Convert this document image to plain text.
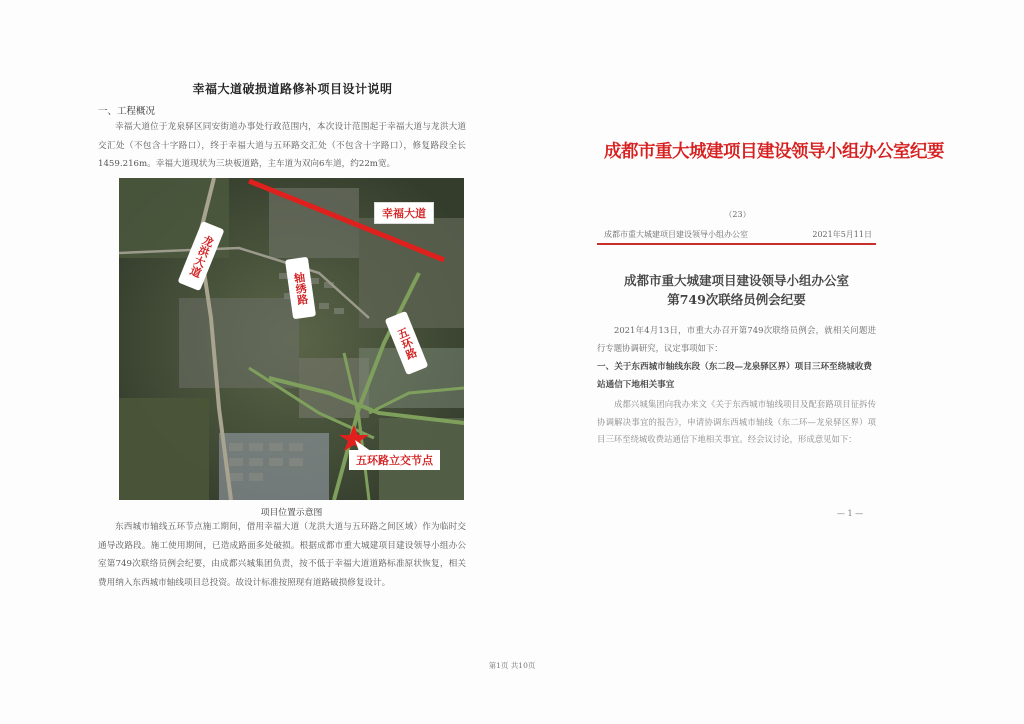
幸福大道破损道路修补项目设计说明
一、工程概况
幸福大道位于龙泉驿区同安街道办事处行政范围内，本次设计范围起于幸福大道与龙洪大道交汇处（不包含十字路口），终于幸福大道与五环路交汇处（不包含十字路口），修复路段全长1459.216m。幸福大道现状为三块板道路，主车道为双向6车道，约22m宽。
幸福大道
龙洪大道
轴绣路
五环路
五环路立交节点
项目位置示意图
东西城市轴线五环节点施工期间，借用幸福大道（龙洪大道与五环路之间区域）作为临时交通导改路段。施工使用期间，已造成路面多处破损。根据成都市重大城建项目建设领导小组办公室第749次联络员例会纪要，由成都兴城集团负责，按不低于幸福大道道路标准原状恢复，相关费用纳入东西城市轴线项目总投资。故设计标准按照现有道路破损修复设计。
第1页 共10页
成都市重大城建项目建设领导小组办公室纪要
（23）
成都市重大城建项目建设领导小组办公室	2021年5月11日
成都市重大城建项目建设领导小组办公室
第749次联络员例会纪要
2021年4月13日，市重大办召开第749次联络员例会，就相关问题进行专题协调研究，议定事项如下：
一、关于东西城市轴线东段（东二段—龙泉驿区界）项目三环至绕城收费站通信下地相关事宜
成都兴城集团向我办来文《关于东西城市轴线项目及配套路项目征拆传协调解决事宜的报告》，申请协调东西城市轴线（东二环—龙泉驿区界）项目三环至绕城收费站通信下地相关事宜。经会议讨论，形成意见如下：
— 1 —
